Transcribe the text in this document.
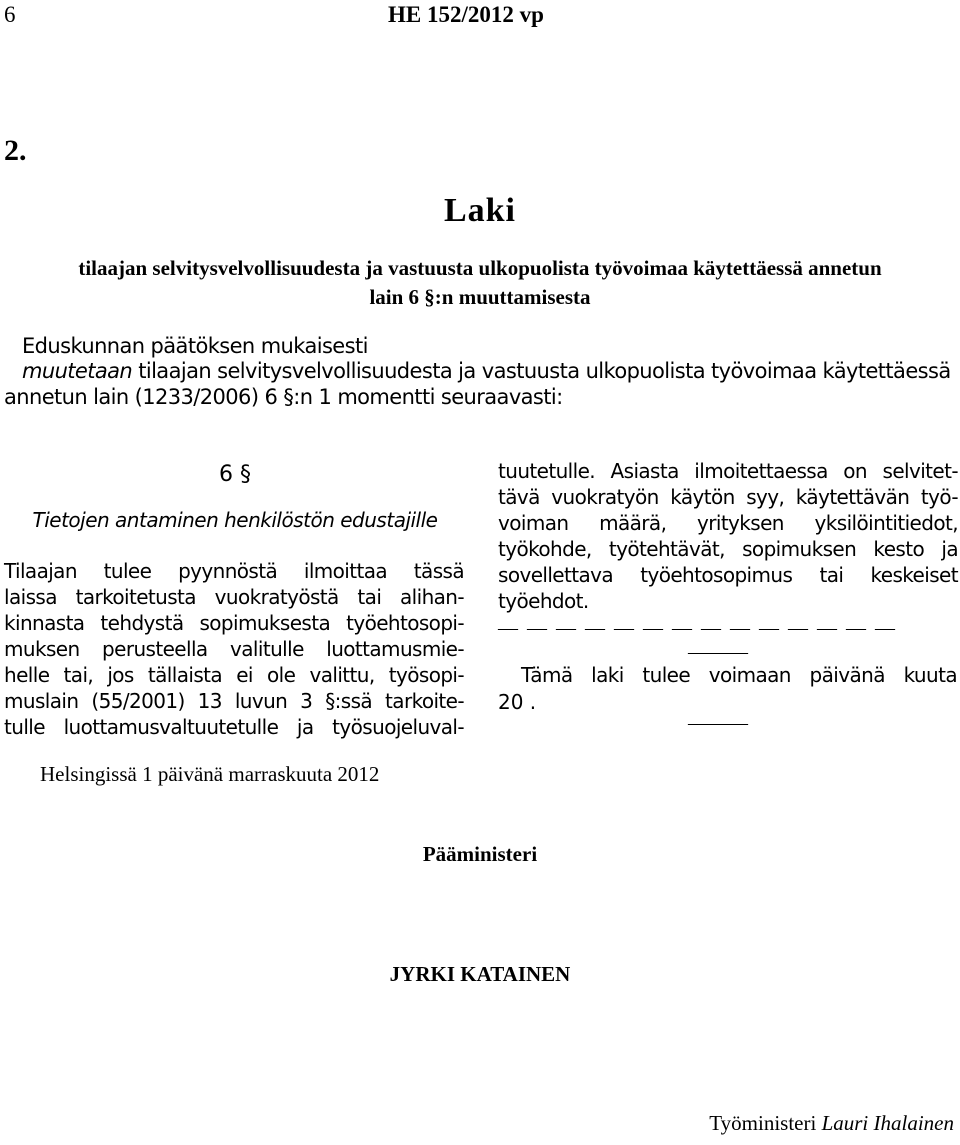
6	HE 152/2012 vp
2.
Laki
tilaajan selvitysvelvollisuudesta ja vastuusta ulkopuolista työvoimaa käytettäessä annetun
lain 6 §:n muuttamisesta
Eduskunnan päätöksen mukaisesti
muutetaan tilaajan selvitysvelvollisuudesta ja vastuusta ulkopuolista työvoimaa käytettäessä
annetun lain (1233/2006) 6 §:n 1 momentti seuraavasti:
6 §
Tietojen antaminen henkilöstön edustajille
Tilaajan tulee pyynnöstä ilmoittaa tässä
laissa tarkoitetusta vuokratyöstä tai alihan-
kinnasta tehdystä sopimuksesta työehtosopi-
muksen perusteella valitulle luottamusmie-
helle tai, jos tällaista ei ole valittu, työsopi-
muslain (55/2001) 13 luvun 3 §:ssä tarkoite-
tulle luottamusvaltuutetulle ja työsuojeluval-
tuutetulle. Asiasta ilmoitettaessa on selvitet-
tävä vuokratyön käytön syy, käytettävän työ-
voiman määrä, yrityksen yksilöintitiedot,
työkohde, työtehtävät, sopimuksen kesto ja
sovellettava työehtosopimus tai keskeiset
työehdot.
— — — — — — — — — — — — — —
———
Tämä laki tulee voimaan päivänä kuuta
20 .
———
Helsingissä 1 päivänä marraskuuta 2012
Pääministeri
JYRKI KATAINEN
Työministeri Lauri Ihalainen
